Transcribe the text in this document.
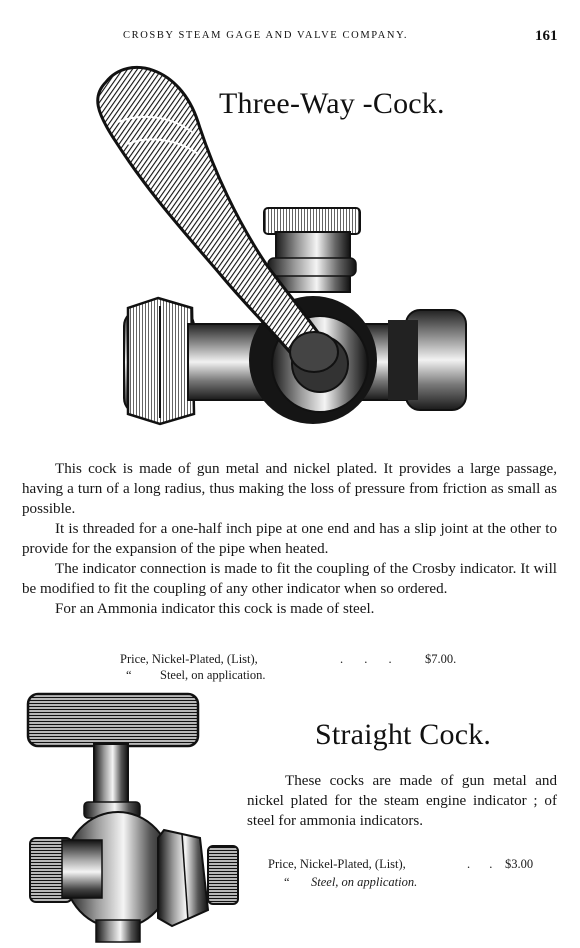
CROSBY STEAM GAGE AND VALVE COMPANY.	161
Three-Way -Cock.

This cock is made of gun metal and nickel plated. It provides a large passage, having a turn of a long radius, thus making the loss of pressure from friction as small as possible.

It is threaded for a one-half inch pipe at one end and has a slip joint at the other to provide for the expansion of the pipe when heated.

The indicator connection is made to fit the coupling of the Crosby indicator. It will be modified to fit the coupling of any other indicator when so ordered.

For an Ammonia indicator this cock is made of steel.

Price, Nickel-Plated, (List),	. . . $7.00.
“ Steel, on application.
Straight Cock.

These cocks are made of gun metal and nickel plated for the steam engine indicator ; of steel for ammonia indicators.

Price, Nickel-Plated, (List),	. . $3.00
“ Steel, on application.
